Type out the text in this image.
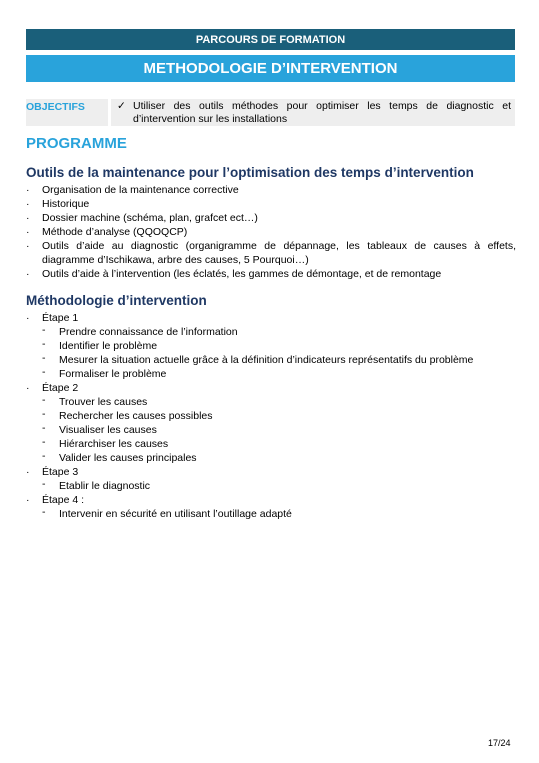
PARCOURS DE FORMATION
METHODOLOGIE D’INTERVENTION
OBJECTIFS	✓ Utiliser des outils méthodes pour optimiser les temps de diagnostic et d’intervention sur les installations
PROGRAMME
Outils de la maintenance pour l’optimisation des temps d’intervention
· Organisation de la maintenance corrective
· Historique
· Dossier machine (schéma, plan, grafcet ect…)
· Méthode d’analyse (QQOQCP)
· Outils d’aide au diagnostic (organigramme de dépannage, les tableaux de causes à effets, diagramme d’Ischikawa, arbre des causes, 5 Pourquoi…)
· Outils d’aide à l’intervention (les éclatés, les gammes de démontage, et de remontage
Méthodologie d’intervention
· Étape 1
- Prendre connaissance de l’information
- Identifier le problème
- Mesurer la situation actuelle grâce à la définition d’indicateurs représentatifs du problème
- Formaliser le problème
· Étape 2
- Trouver les causes
- Rechercher les causes possibles
- Visualiser les causes
- Hiérarchiser les causes
- Valider les causes principales
· Étape 3
- Etablir le diagnostic
· Étape 4 :
- Intervenir en sécurité en utilisant l’outillage adapté
17/24
